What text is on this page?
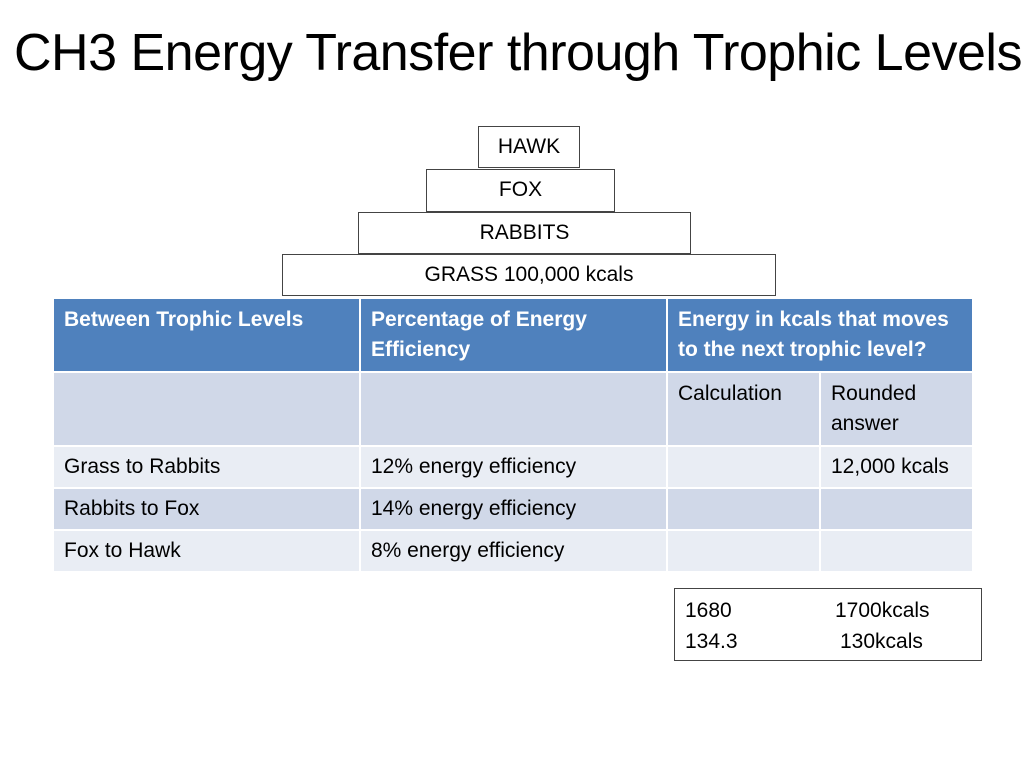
CH3 Energy Transfer through Trophic Levels
HAWK
FOX
RABBITS
GRASS 100,000 kcals
Between Trophic Levels	Percentage of Energy Efficiency	Energy in kcals that moves to the next trophic level?	
		Calculation	Rounded answer
Grass to Rabbits	12% energy efficiency		12,000 kcals
Rabbits to Fox	14% energy efficiency		
Fox to Hawk	8% energy efficiency		
1680	1700kcals
134.3	130kcals
